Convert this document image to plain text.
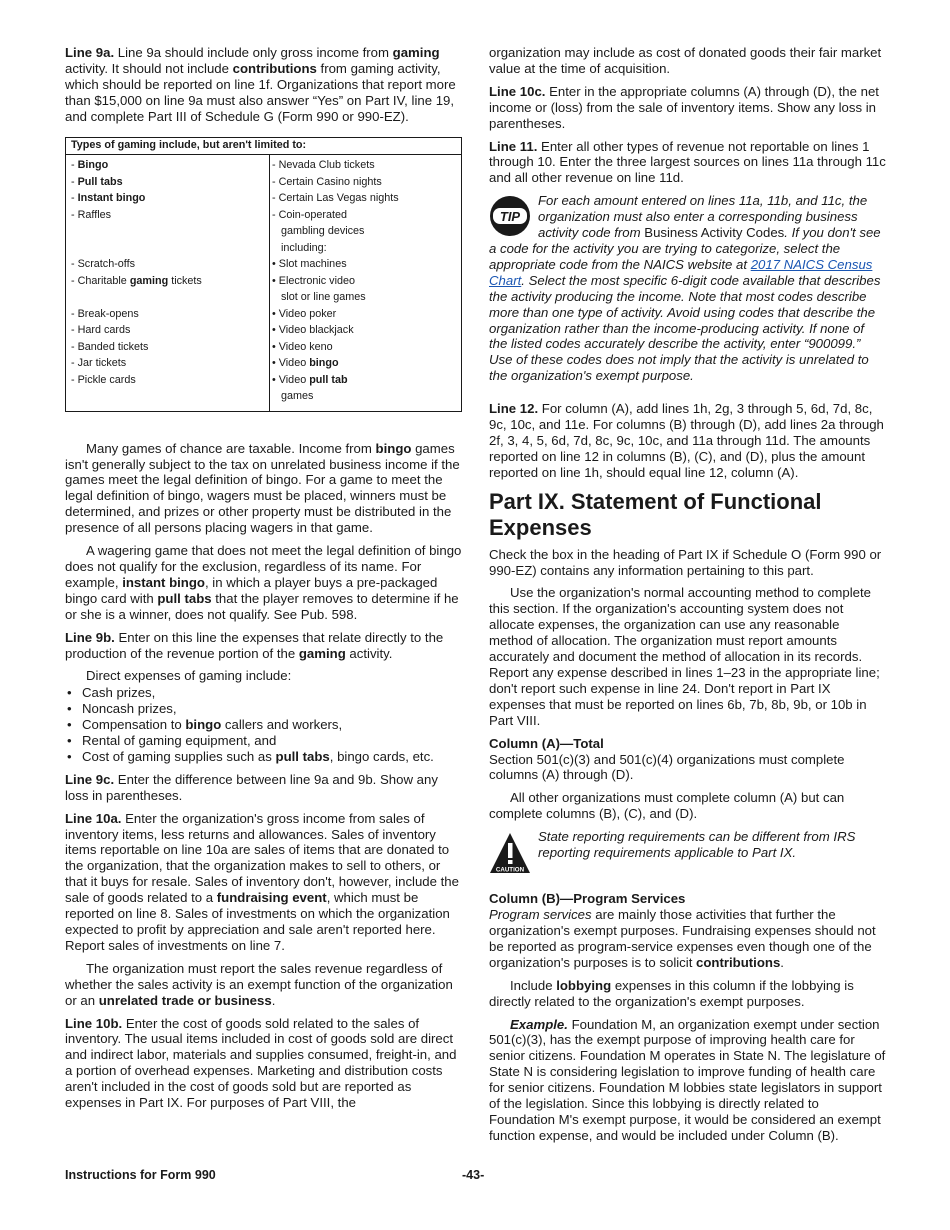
Line 9a. Line 9a should include only gross income from gaming activity. It should not include contributions from gaming activity, which should be reported on line 1f. Organizations that report more than $15,000 on line 9a must also answer “Yes” on Part IV, line 19, and complete Part III of Schedule G (Form 990 or 990-EZ).

Types of gaming include, but aren't limited to:
- Bingo
- Pull tabs
- Instant bingo
- Raffles

- Scratch-offs
- Charitable gaming tickets

- Break-opens
- Hard cards
- Banded tickets
- Jar tickets
- Pickle cards
- Nevada Club tickets
- Certain Casino nights
- Certain Las Vegas nights
- Coin-operated
gambling devices
including:
• Slot machines
• Electronic video
slot or line games
• Video poker
• Video blackjack
• Video keno
• Video bingo
• Video pull tab
games

Many games of chance are taxable. Income from bingo games isn't generally subject to the tax on unrelated business income if the games meet the legal definition of bingo. For a game to meet the legal definition of bingo, wagers must be placed, winners must be determined, and prizes or other property must be distributed in the presence of all persons placing wagers in that game.

A wagering game that does not meet the legal definition of bingo does not qualify for the exclusion, regardless of its name. For example, instant bingo, in which a player buys a pre-packaged bingo card with pull tabs that the player removes to determine if he or she is a winner, does not qualify. See Pub. 598.

Line 9b. Enter on this line the expenses that relate directly to the production of the revenue portion of the gaming activity.

Direct expenses of gaming include:

• Cash prizes,
• Noncash prizes,
• Compensation to bingo callers and workers,
• Rental of gaming equipment, and
• Cost of gaming supplies such as pull tabs, bingo cards, etc.

Line 9c. Enter the difference between line 9a and 9b. Show any loss in parentheses.

Line 10a. Enter the organization's gross income from sales of inventory items, less returns and allowances. Sales of inventory items reportable on line 10a are sales of items that are donated to the organization, that the organization makes to sell to others, or that it buys for resale. Sales of inventory don't, however, include the sale of goods related to a fundraising event, which must be reported on line 8. Sales of investments on which the organization expected to profit by appreciation and sale aren't reported here. Report sales of investments on line 7.

The organization must report the sales revenue regardless of whether the sales activity is an exempt function of the organization or an unrelated trade or business.

Line 10b. Enter the cost of goods sold related to the sales of inventory. The usual items included in cost of goods sold are direct and indirect labor, materials and supplies consumed, freight-in, and a portion of overhead expenses. Marketing and distribution costs aren't included in the cost of goods sold but are reported as expenses in Part IX. For purposes of Part VIII, the

organization may include as cost of donated goods their fair market value at the time of acquisition.

Line 10c. Enter in the appropriate columns (A) through (D), the net income or (loss) from the sale of inventory items. Show any loss in parentheses.

Line 11. Enter all other types of revenue not reportable on lines 1 through 10. Enter the three largest sources on lines 11a through 11c and all other revenue on line 11d.

TIP
For each amount entered on lines 11a, 11b, and 11c, the organization must also enter a corresponding business activity code from Business Activity Codes. If you don't see a code for the activity you are trying to categorize, select the appropriate code from the NAICS website at 2017 NAICS Census Chart. Select the most specific 6-digit code available that describes the activity producing the income. Note that most codes describe more than one type of activity. Avoid using codes that describe the organization rather than the income-producing activity. If none of the listed codes accurately describe the activity, enter “900099.” Use of these codes does not imply that the activity is unrelated to the organization's exempt purpose.

Line 12. For column (A), add lines 1h, 2g, 3 through 5, 6d, 7d, 8c, 9c, 10c, and 11e. For columns (B) through (D), add lines 2a through 2f, 3, 4, 5, 6d, 7d, 8c, 9c, 10c, and 11a through 11d. The amounts reported on line 12 in columns (B), (C), and (D), plus the amount reported on line 1h, should equal line 12, column (A).

Part IX. Statement of Functional Expenses

Check the box in the heading of Part IX if Schedule O (Form 990 or 990-EZ) contains any information pertaining to this part.

Use the organization's normal accounting method to complete this section. If the organization's accounting system does not allocate expenses, the organization can use any reasonable method of allocation. The organization must report amounts accurately and document the method of allocation in its records. Report any expense described in lines 1–23 in the appropriate line; don't report such expense in line 24. Don't report in Part IX expenses that must be reported on lines 6b, 7b, 8b, 9b, or 10b in Part VIII.

Column (A)—Total

Section 501(c)(3) and 501(c)(4) organizations must complete columns (A) through (D).

All other organizations must complete column (A) but can complete columns (B), (C), and (D).

CAUTION
State reporting requirements can be different from IRS reporting requirements applicable to Part IX.
Column (B)—Program Services

Program services are mainly those activities that further the organization's exempt purposes. Fundraising expenses should not be reported as program-service expenses even though one of the organization's purposes is to solicit contributions.

Include lobbying expenses in this column if the lobbying is directly related to the organization's exempt purposes.

Example. Foundation M, an organization exempt under section 501(c)(3), has the exempt purpose of improving health care for senior citizens. Foundation M operates in State N. The legislature of State N is considering legislation to improve funding of health care for senior citizens. Foundation M lobbies state legislators in support of the legislation. Since this lobbying is directly related to Foundation M's exempt purpose, it would be considered an exempt function expense, and would be included under Column (B).

Instructions for Form 990	-43-
